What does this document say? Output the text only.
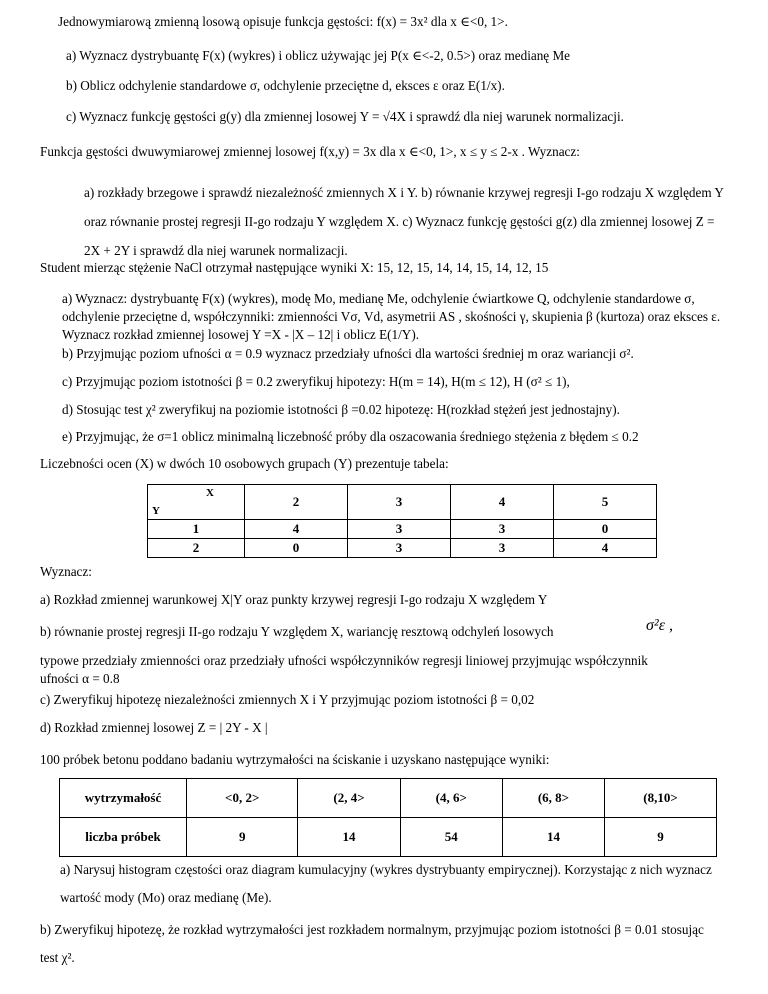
Jednowymiarową zmienną losową opisuje funkcja gęstości: f(x) = 3x² dla x ∈<0, 1>.
a) Wyznacz dystrybuantę F(x) (wykres) i oblicz używając jej P(x ∈<-2, 0.5>) oraz medianę Me
b) Oblicz odchylenie standardowe σ, odchylenie przeciętne d, eksces ε oraz E(1/x).
c) Wyznacz funkcję gęstości g(y) dla zmiennej losowej Y = √4X i sprawdź dla niej warunek normalizacji.
Funkcja gęstości dwuwymiarowej zmiennej losowej f(x,y) = 3x dla x ∈<0, 1>, x ≤ y ≤ 2-x . Wyznacz:
a) rozkłady brzegowe i sprawdź niezależność zmiennych X i Y. b) równanie krzywej regresji I-go rodzaju X względem Y oraz równanie prostej regresji II-go rodzaju Y względem X. c) Wyznacz funkcję gęstości g(z) dla zmiennej losowej Z = 2X + 2Y i sprawdź dla niej warunek normalizacji.
Student mierząc stężenie NaCl otrzymał następujące wyniki X: 15, 12, 15, 14, 14, 15, 14, 12, 15
a) Wyznacz: dystrybuantę F(x) (wykres), modę Mo, medianę Me, odchylenie ćwiartkowe Q, odchylenie standardowe σ, odchylenie przeciętne d, współczynniki: zmienności Vσ, Vd, asymetrii AS , skośności γ, skupienia β (kurtoza) oraz eksces ε. Wyznacz rozkład zmiennej losowej Y =X - |X – 12| i oblicz E(1/Y).
b) Przyjmując poziom ufności α = 0.9 wyznacz przedziały ufności dla wartości średniej m oraz wariancji σ².
c) Przyjmując poziom istotności β = 0.2 zweryfikuj hipotezy: H(m = 14), H(m ≤ 12), H (σ² ≤ 1),
d) Stosując test χ² zweryfikuj na poziomie istotności β =0.02 hipotezę: H(rozkład stężeń jest jednostajny).
e) Przyjmując, że σ=1 oblicz minimalną liczebność próby dla oszacowania średniego stężenia z błędem ≤ 0.2
Liczebności ocen (X) w dwóch 10 osobowych grupach (Y) prezentuje tabela:
X
Y	2	3	4	5
1	4	3	3	0
2	0	3	3	4
Wyznacz:
a) Rozkład zmiennej warunkowej X|Y oraz punkty krzywej regresji I-go rodzaju X względem Y
b) równanie prostej regresji II-go rodzaju Y względem X, wariancję resztową odchyleń losowych	σ²ε ,
typowe przedziały zmienności oraz przedziały ufności współczynników regresji liniowej przyjmując współczynnik ufności α = 0.8
c) Zweryfikuj hipotezę niezależności zmiennych X i Y przyjmując poziom istotności β = 0,02
d) Rozkład zmiennej losowej Z = | 2Y - X |
100 próbek betonu poddano badaniu wytrzymałości na ściskanie i uzyskano następujące wyniki:
wytrzymałość	<0, 2>	(2, 4>	(4, 6>	(6, 8>	(8,10>
liczba próbek	9	14	54	14	9
a) Narysuj histogram częstości oraz diagram kumulacyjny (wykres dystrybuanty empirycznej). Korzystając z nich wyznacz wartość mody (Mo) oraz medianę (Me).
b) Zweryfikuj hipotezę, że rozkład wytrzymałości jest rozkładem normalnym, przyjmując poziom istotności β = 0.01 stosując test χ².
